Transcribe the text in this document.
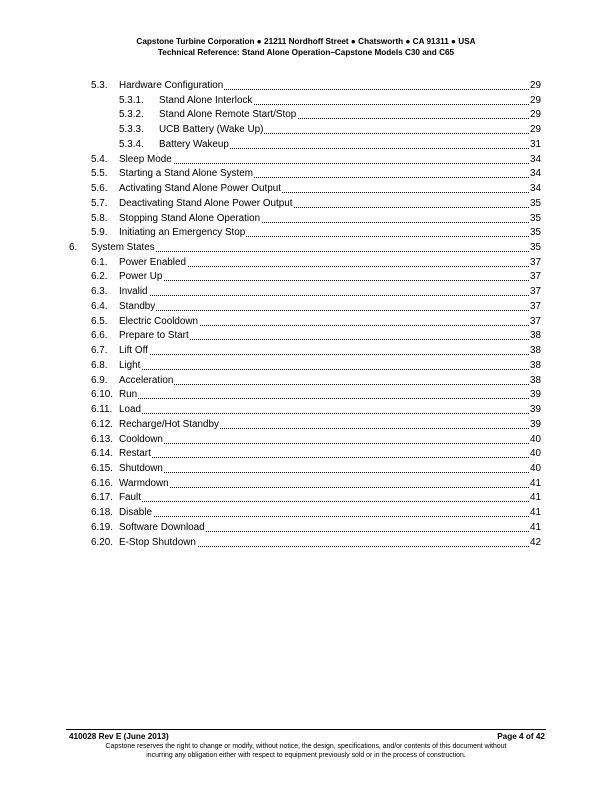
Capstone Turbine Corporation ● 21211 Nordhoff Street ● Chatsworth ● CA 91311 ● USA
Technical Reference: Stand Alone Operation–Capstone Models C30 and C65
5.3. Hardware Configuration	29
5.3.1. Stand Alone Interlock	29
5.3.2. Stand Alone Remote Start/Stop	29
5.3.3. UCB Battery (Wake Up)	29
5.3.4. Battery Wakeup	31
5.4. Sleep Mode	34
5.5. Starting a Stand Alone System	34
5.6. Activating Stand Alone Power Output	34
5.7. Deactivating Stand Alone Power Output	35
5.8. Stopping Stand Alone Operation	35
5.9. Initiating an Emergency Stop	35
6. System States	35
6.1. Power Enabled	37
6.2. Power Up	37
6.3. Invalid	37
6.4. Standby	37
6.5. Electric Cooldown	37
6.6. Prepare to Start	38
6.7. Lift Off	38
6.8. Light	38
6.9. Acceleration	38
6.10. Run	39
6.11. Load	39
6.12. Recharge/Hot Standby	39
6.13. Cooldown	40
6.14. Restart	40
6.15. Shutdown	40
6.16. Warmdown	41
6.17. Fault	41
6.18. Disable	41
6.19. Software Download	41
6.20. E-Stop Shutdown	42
410028 Rev E (June 2013)	Page 4 of 42
Capstone reserves the right to change or modify, without notice, the design, specifications, and/or contents of this document without
incurring any obligation either with respect to equipment previously sold or in the process of construction.
